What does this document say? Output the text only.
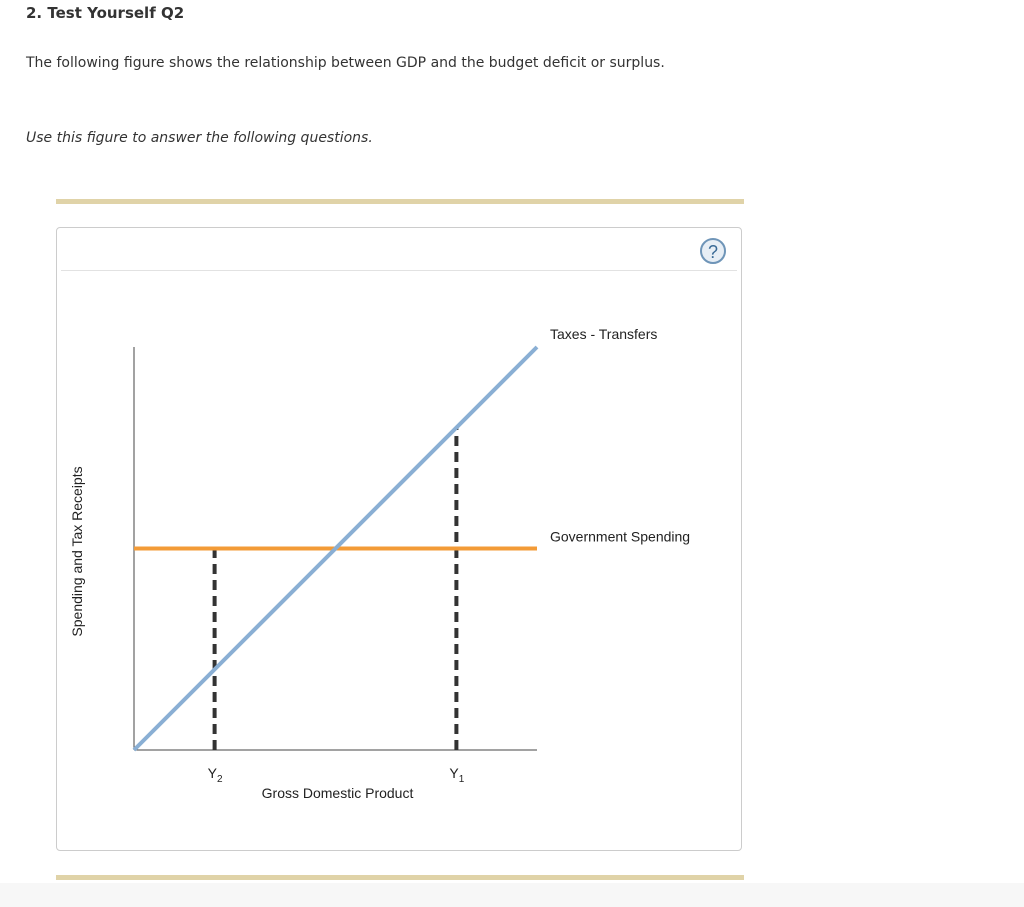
2. Test Yourself Q2

The following figure shows the relationship between GDP and the budget deficit or surplus.

Use this figure to answer the following questions.

?
Taxes - Transfers
Government Spending
$Y_2$	$Y_1$
Gross Domestic Product
Spending and Tax Receipts
